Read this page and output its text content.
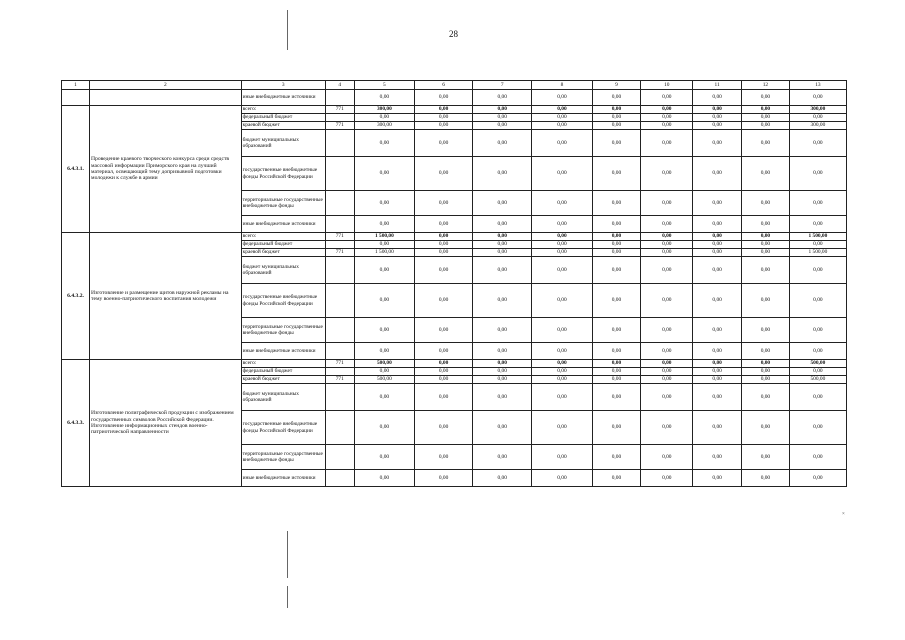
28
1	2	3	4	5	6	7	8	9	10	11	12	13
		иные внебюджетные источники		0,00	0,00	0,00	0,00	0,00	0,00	0,00	0,00	0,00
6.4.3.1.	Проведение краевого творческого конкурса среди средств массовой информации Приморского края на лучший материал, освещающий тему допризывной подготовки молодежи к службе в армии	всего:	771	300,00	0,00	0,00	0,00	0,00	0,00	0,00	0,00	300,00
		федеральный бюджет		0,00	0,00	0,00	0,00	0,00	0,00	0,00	0,00	0,00
		краевой бюджет	771	300,00	0,00	0,00	0,00	0,00	0,00	0,00	0,00	300,00
		бюджет муниципальных образований		0,00	0,00	0,00	0,00	0,00	0,00	0,00	0,00	0,00
		государственные внебюджетные фонды Российской Федерации		0,00	0,00	0,00	0,00	0,00	0,00	0,00	0,00	0,00
		территориальные государственные внебюджетные фонды		0,00	0,00	0,00	0,00	0,00	0,00	0,00	0,00	0,00
		иные внебюджетные источники		0,00	0,00	0,00	0,00	0,00	0,00	0,00	0,00	0,00
6.4.3.2.	Изготовление и размещение щитов наружной рекламы на тему военно-патриотического воспитания молодежи	всего:	771	1 500,00	0,00	0,00	0,00	0,00	0,00	0,00	0,00	1 500,00
		федеральный бюджет		0,00	0,00	0,00	0,00	0,00	0,00	0,00	0,00	0,00
		краевой бюджет	771	1 500,00	0,00	0,00	0,00	0,00	0,00	0,00	0,00	1 500,00
		бюджет муниципальных образований		0,00	0,00	0,00	0,00	0,00	0,00	0,00	0,00	0,00
		государственные внебюджетные фонды Российской Федерации		0,00	0,00	0,00	0,00	0,00	0,00	0,00	0,00	0,00
		территориальные государственные внебюджетные фонды		0,00	0,00	0,00	0,00	0,00	0,00	0,00	0,00	0,00
		иные внебюджетные источники		0,00	0,00	0,00	0,00	0,00	0,00	0,00	0,00	0,00
6.4.3.3.	Изготовление полиграфической продукции с изображением государственных символов Российской Федерации. Изготовление информационных стендов военно-патриотической направленности	всего:	771	500,00	0,00	0,00	0,00	0,00	0,00	0,00	0,00	500,00
		федеральный бюджет		0,00	0,00	0,00	0,00	0,00	0,00	0,00	0,00	0,00
		краевой бюджет	771	500,00	0,00	0,00	0,00	0,00	0,00	0,00	0,00	500,00
		бюджет муниципальных образований		0,00	0,00	0,00	0,00	0,00	0,00	0,00	0,00	0,00
		государственные внебюджетные фонды Российской Федерации		0,00	0,00	0,00	0,00	0,00	0,00	0,00	0,00	0,00
		территориальные государственные внебюджетные фонды		0,00	0,00	0,00	0,00	0,00	0,00	0,00	0,00	0,00
		иные внебюджетные источники		0,00	0,00	0,00	0,00	0,00	0,00	0,00	0,00	0,00
×
